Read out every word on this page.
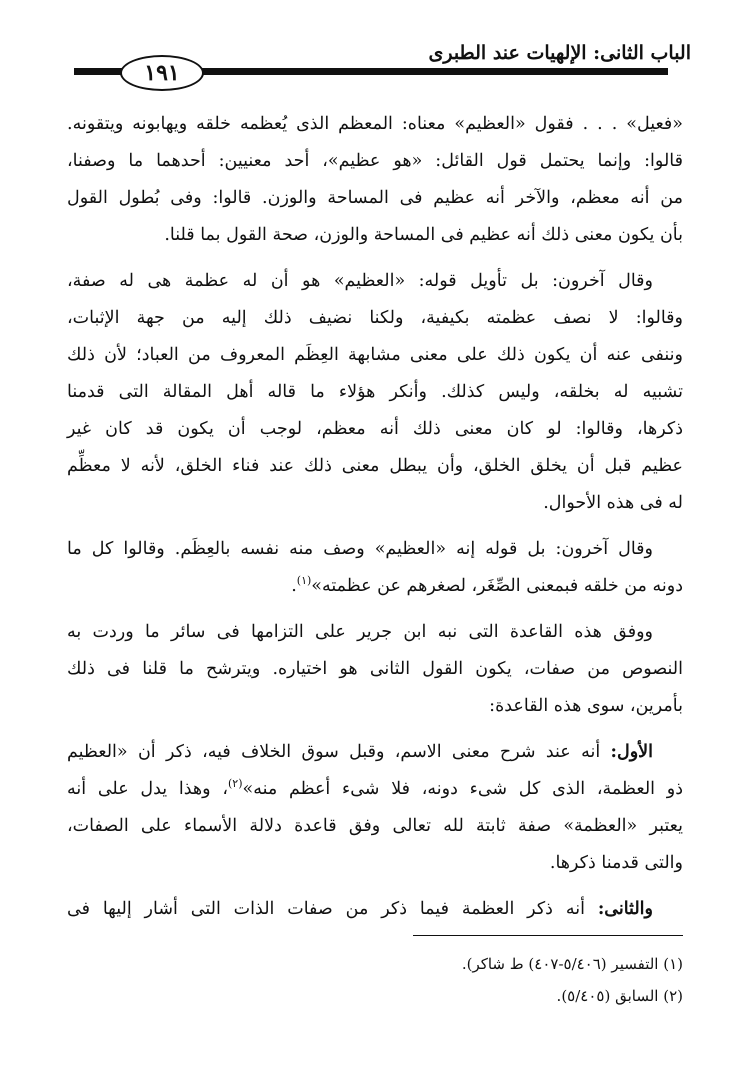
الباب الثانى: الإلهيات عند الطبرى
١٩١

«فعيل» . . . فقول «العظيم» معناه: المعظم الذى يُعظمه خلقه ويهابونه ويتقونه.

قالوا: وإنما يحتمل قول القائل: «هو عظيم»، أحد معنيين: أحدهما ما وصفنا،

من أنه معظم، والآخر أنه عظيم فى المساحة والوزن. قالوا: وفى بُطول القول

بأن يكون معنى ذلك أنه عظيم فى المساحة والوزن، صحة القول بما قلنا.

وقال آخرون: بل تأويل قوله: «العظيم» هو أن له عظمة هى له صفة،

وقالوا: لا نصف عظمته بكيفية، ولكنا نضيف ذلك إليه من جهة الإثبات،

وننفى عنه أن يكون ذلك على معنى مشابهة العِظَم المعروف من العباد؛ لأن ذلك

تشبيه له بخلقه، وليس كذلك. وأنكر هؤلاء ما قاله أهل المقالة التى قدمنا

ذكرها، وقالوا: لو كان معنى ذلك أنه معظم، لوجب أن يكون قد كان غير

عظيم قبل أن يخلق الخلق، وأن يبطل معنى ذلك عند فناء الخلق، لأنه لا معظِّم

له فى هذه الأحوال.

وقال آخرون: بل قوله إنه «العظيم» وصف منه نفسه بالعِظَم. وقالوا كل ما

دونه من خلقه فبمعنى الصِّغَر، لصغرهم عن عظمته»$^{(١)}$.

ووفق هذه القاعدة التى نبه ابن جرير على التزامها فى سائر ما وردت به

النصوص من صفات، يكون القول الثانى هو اختياره. ويترشح ما قلنا فى ذلك

بأمرين، سوى هذه القاعدة:

الأول: أنه عند شرح معنى الاسم، وقبل سوق الخلاف فيه، ذكر أن «العظيم

ذو العظمة، الذى كل شىء دونه، فلا شىء أعظم منه»$^{(٢)}$، وهذا يدل على أنه

يعتبر «العظمة» صفة ثابتة لله تعالى وفق قاعدة دلالة الأسماء على الصفات،

والتى قدمنا ذكرها.

والثانى: أنه ذكر العظمة فيما ذكر من صفات الذات التى أشار إليها فى

(١) التفسير (٥/٤٠٦-٤٠٧) ط شاكر).
(٢) السابق (٥/٤٠٥).
